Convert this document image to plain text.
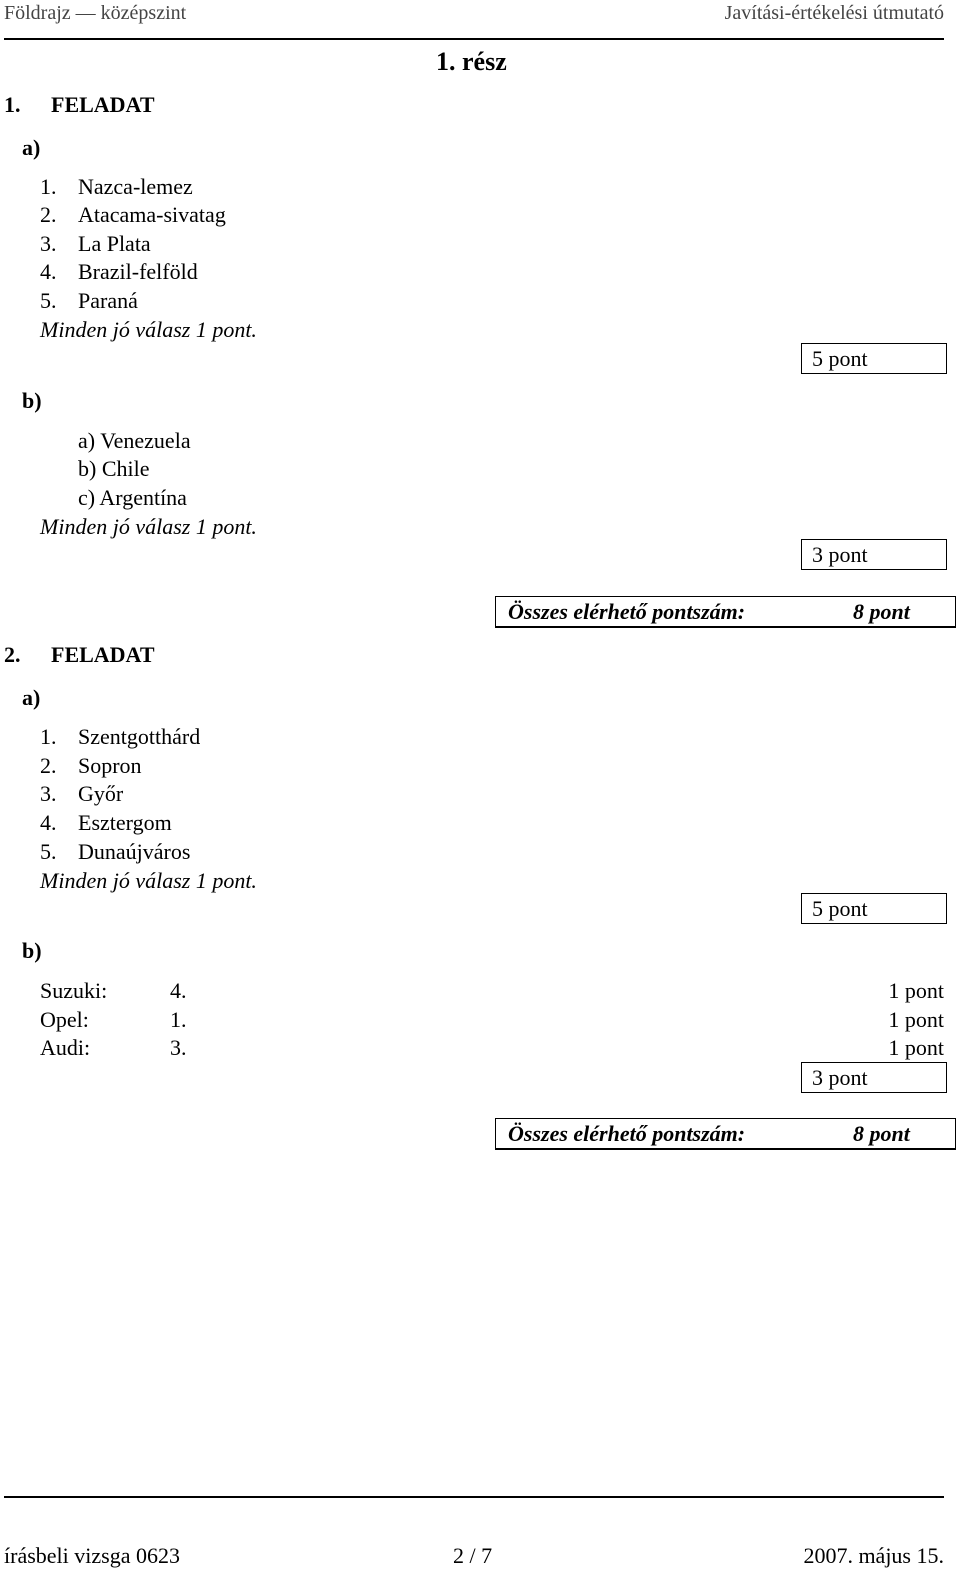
Földrajz — középszint	Javítási-értékelési útmutató
1. rész
1. FELADAT
a)
1. Nazca-lemez
2. Atacama-sivatag
3. La Plata
4. Brazil-felföld
5. Paraná
Minden jó válasz 1 pont.
5 pont
b)
a) Venezuela
b) Chile
c) Argentína
Minden jó válasz 1 pont.
3 pont
Összes elérhető pontszám:	8 pont
2. FELADAT
a)
1. Szentgotthárd
2. Sopron
3. Győr
4. Esztergom
5. Dunaújváros
Minden jó válasz 1 pont.
5 pont
b)
Suzuki:	4.	1 pont
Opel:	1.	1 pont
Audi:	3.	1 pont
3 pont
Összes elérhető pontszám:	8 pont
írásbeli vizsga 0623	2 / 7	2007. május 15.
